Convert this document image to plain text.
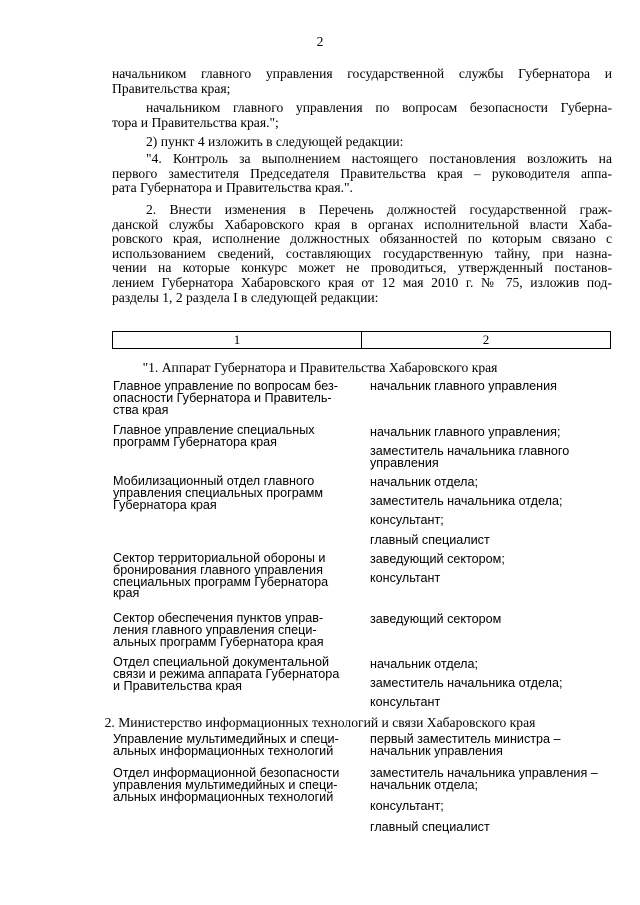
2
начальником главного управления государственной службы Губернатора и
Правительства края;
начальником главного управления по вопросам безопасности Губерна-
тора и Правительства края.";
2) пункт 4 изложить в следующей редакции:
"4. Контроль за выполнением настоящего постановления возложить на
первого заместителя Председателя Правительства края – руководителя аппа-
рата Губернатора и Правительства края.".
2. Внести изменения в Перечень должностей государственной граж-
данской службы Хабаровского края в органах исполнительной власти Хаба-
ровского края, исполнение должностных обязанностей по которым связано с
использованием сведений, составляющих государственную тайну, при назна-
чении на которые конкурс может не проводиться, утвержденный постанов-
лением Губернатора Хабаровского края от 12 мая 2010 г. № 75, изложив под-
разделы 1, 2 раздела I в следующей редакции:
1	2
"1. Аппарат Губернатора и Правительства Хабаровского края
Главное управление по вопросам без-
опасности Губернатора и Правитель-
ства края
начальник главного управления
Главное управление специальных
программ Губернатора края
начальник главного управления;
заместитель начальника главного
управления
Мобилизационный отдел главного
управления специальных программ
Губернатора края
начальник отдела;
заместитель начальника отдела;
консультант;
главный специалист
Сектор территориальной обороны и
бронирования главного управления
специальных программ Губернатора
края
заведующий сектором;
консультант
Сектор обеспечения пунктов управ-
ления главного управления специ-
альных программ Губернатора края
заведующий сектором
Отдел специальной документальной
связи и режима аппарата Губернатора
и Правительства края
начальник отдела;
заместитель начальника отдела;
консультант
2. Министерство информационных технологий и связи Хабаровского края
Управление мультимедийных и специ-
альных информационных технологий
первый заместитель министра –
начальник управления
Отдел информационной безопасности
управления мультимедийных и специ-
альных информационных технологий
заместитель начальника управления –
начальник отдела;
консультант;
главный специалист
